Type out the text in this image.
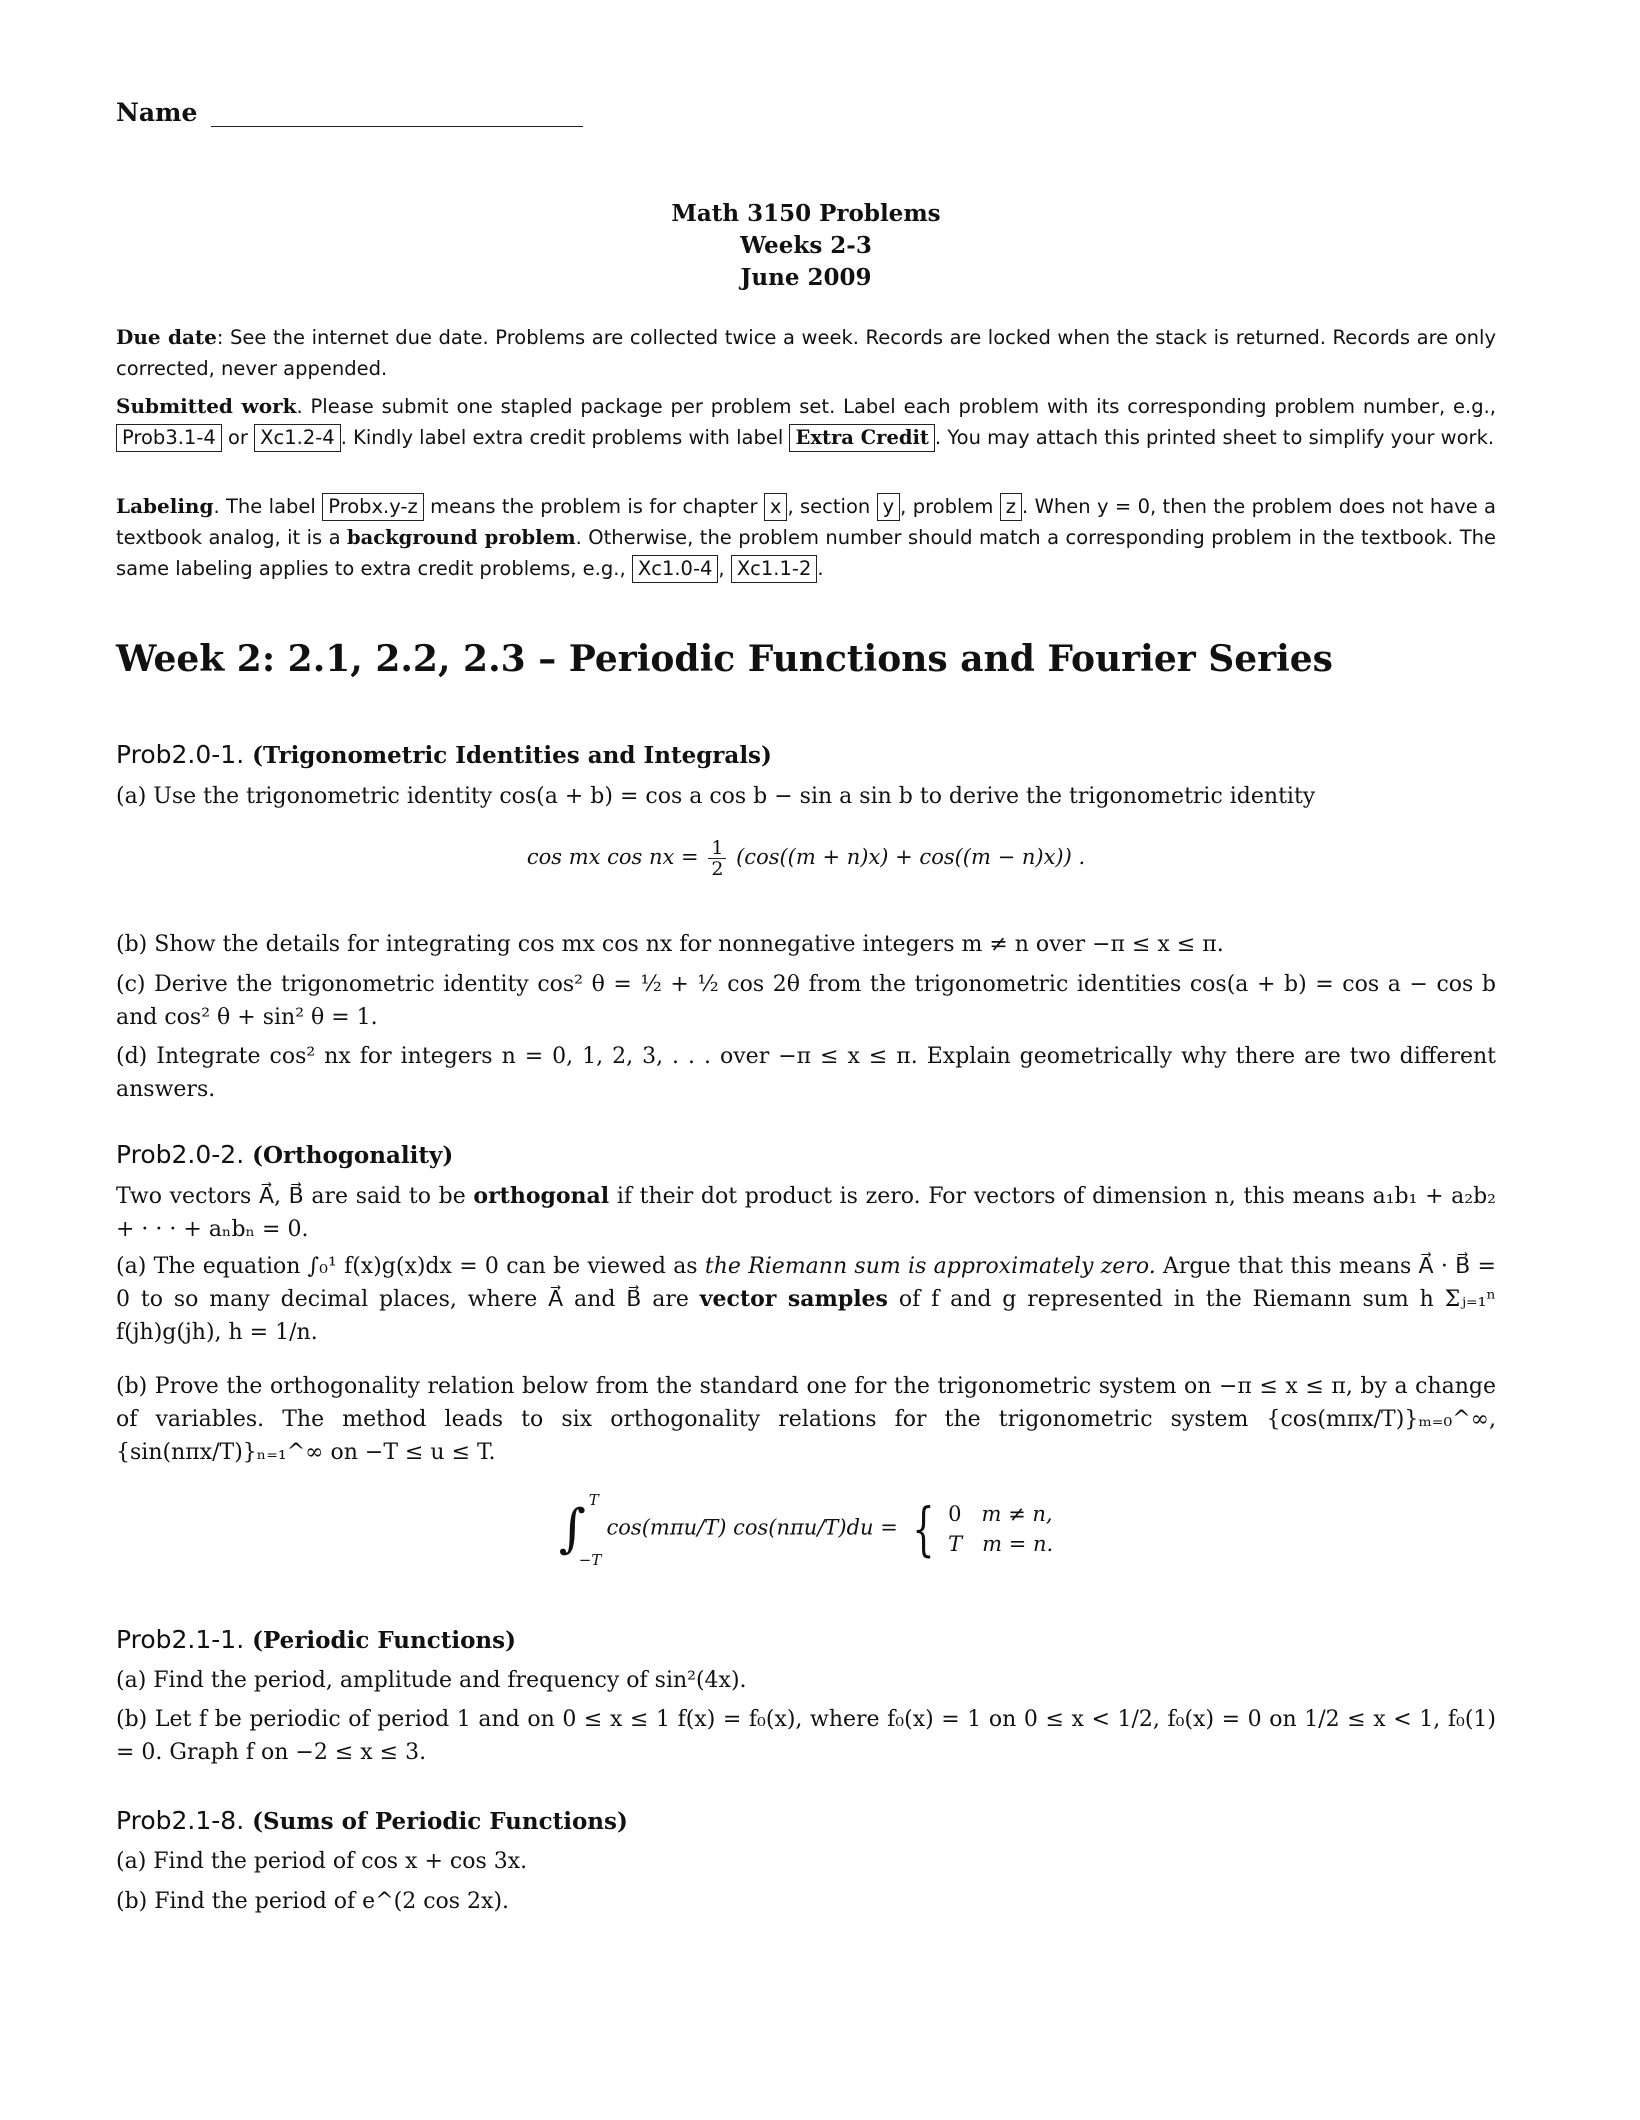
Name
Math 3150 Problems
Weeks 2-3
June 2009
Due date: See the internet due date. Problems are collected twice a week. Records are locked when the stack is returned. Records are only corrected, never appended.
Submitted work. Please submit one stapled package per problem set. Label each problem with its corresponding problem number, e.g., Prob3.1-4 or Xc1.2-4 . Kindly label extra credit problems with label Extra Credit . You may attach this printed sheet to simplify your work.
Labeling. The label Probx.y-z means the problem is for chapter x , section y , problem z . When y = 0, then the problem does not have a textbook analog, it is a background problem. Otherwise, the problem number should match a corresponding problem in the textbook. The same labeling applies to extra credit problems, e.g., Xc1.0-4 , Xc1.1-2 .
Week 2: 2.1, 2.2, 2.3 – Periodic Functions and Fourier Series
Prob2.0-1. (Trigonometric Identities and Integrals)
(a) Use the trigonometric identity cos(a + b) = cos a cos b − sin a sin b to derive the trigonometric identity
cos mx cos nx = $\frac{1}{2} (\cos((m + n)x) + \cos((m - n)x))$ .
(b) Show the details for integrating cos mx cos nx for nonnegative integers m ≠ n over −π ≤ x ≤ π.
(c) Derive the trigonometric identity cos² θ = ½ + ½ cos 2θ from the trigonometric identities cos(a + b) = cos a − cos b and cos² θ + sin² θ = 1.
(d) Integrate cos² nx for integers n = 0, 1, 2, 3, . . . over −π ≤ x ≤ π. Explain geometrically why there are two different answers.
Prob2.0-2. (Orthogonality)
Two vectors A⃗, B⃗ are said to be orthogonal if their dot product is zero. For vectors of dimension n, this means a₁b₁ + a₂b₂ + · · · + aₙbₙ = 0.
(a) The equation ∫₀¹ f(x)g(x)dx = 0 can be viewed as the Riemann sum is approximately zero. Argue that this means A⃗ · B⃗ = 0 to so many decimal places, where A⃗ and B⃗ are vector samples of f and g represented in the Riemann sum h Σⱼ₌₁ⁿ f(jh)g(jh), h = 1/n.
(b) Prove the orthogonality relation below from the standard one for the trigonometric system on −π ≤ x ≤ π, by a change of variables. The method leads to six orthogonality relations for the trigonometric system {cos(mπx/T)}ₘ₌₀^∞, {sin(nπx/T)}ₙ₌₁^∞ on −T ≤ u ≤ T.
∫ T
−T
cos(mπu/T) cos(nπu/T)du = { 0 m ≠ n,
T m = n.
Prob2.1-1. (Periodic Functions)
(a) Find the period, amplitude and frequency of sin²(4x).
(b) Let f be periodic of period 1 and on 0 ≤ x ≤ 1 f(x) = f₀(x), where f₀(x) = 1 on 0 ≤ x < 1/2, f₀(x) = 0 on 1/2 ≤ x < 1, f₀(1) = 0. Graph f on −2 ≤ x ≤ 3.
Prob2.1-8. (Sums of Periodic Functions)
(a) Find the period of cos x + cos 3x.
(b) Find the period of e^(2 cos 2x).
